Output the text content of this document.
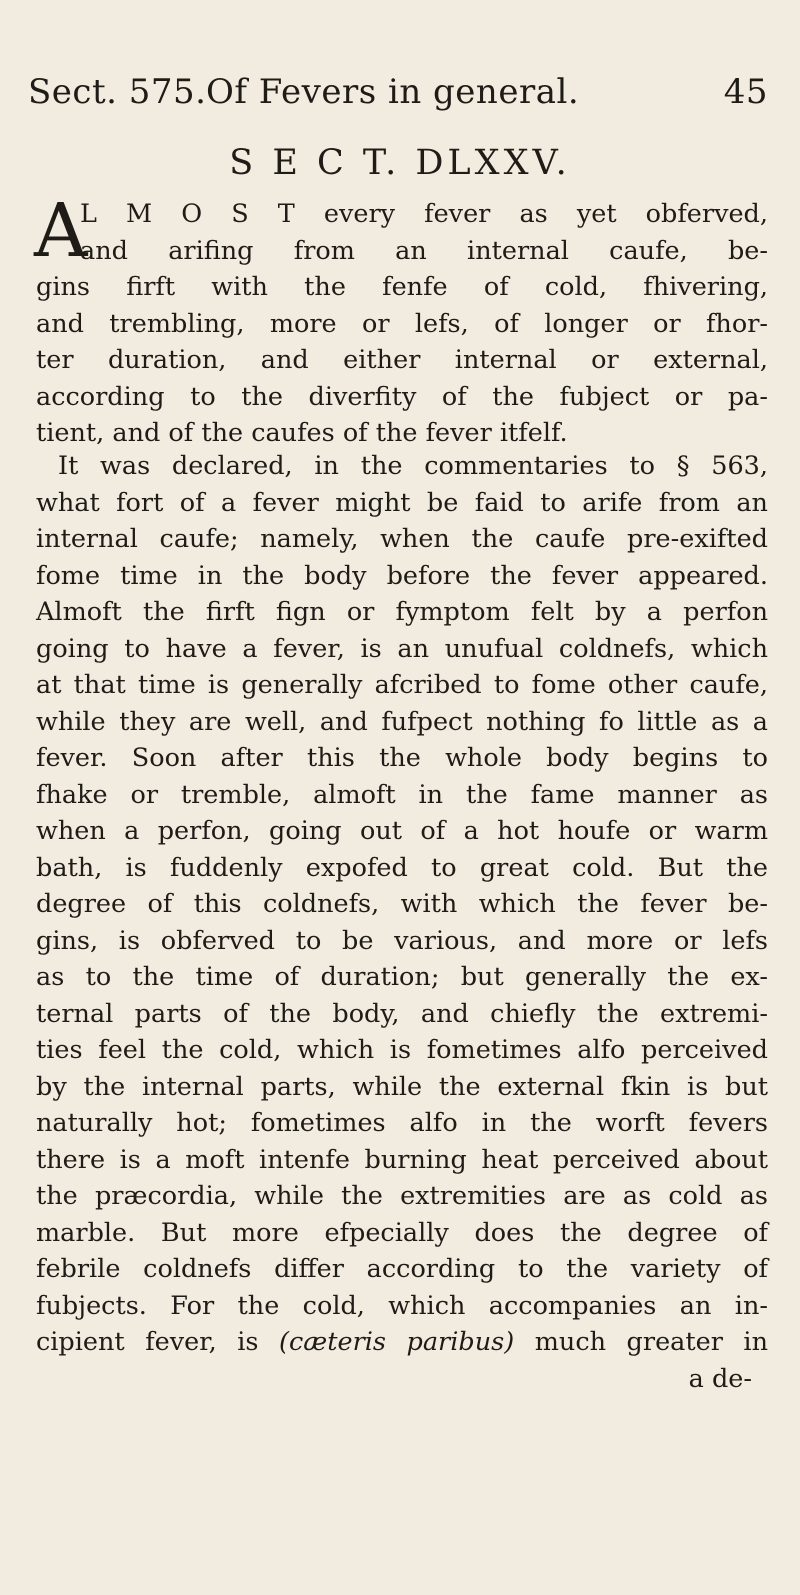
Sect. 575. Of Fevers in general.	45
S E C T. DLXXV.
A
L M O S T every fever as yet obferved,
and arifing from an internal caufe, be-
gins firft with the fenfe of cold, fhivering,
and trembling, more or lefs, of longer or fhor-
ter duration, and either internal or external,
according to the diverfity of the fubject or pa-
tient, and of the caufes of the fever itfelf.
It was declared, in the commentaries to § 563,
what fort of a fever might be faid to arife from an
internal caufe; namely, when the caufe pre-exifted
fome time in the body before the fever appeared.
Almoft the firft fign or fymptom felt by a perfon
going to have a fever, is an unufual coldnefs, which
at that time is generally afcribed to fome other caufe,
while they are well, and fufpect nothing fo little as a
fever. Soon after this the whole body begins to
fhake or tremble, almoft in the fame manner as
when a perfon, going out of a hot houfe or warm
bath, is fuddenly expofed to great cold. But the
degree of this coldnefs, with which the fever be-
gins, is obferved to be various, and more or lefs
as to the time of duration; but generally the ex-
ternal parts of the body, and chiefly the extremi-
ties feel the cold, which is fometimes alfo perceived
by the internal parts, while the external fkin is but
naturally hot; fometimes alfo in the worft fevers
there is a moft intenfe burning heat perceived about
the præcordia, while the extremities are as cold as
marble. But more efpecially does the degree of
febrile coldnefs differ according to the variety of
fubjects. For the cold, which accompanies an in-
cipient fever, is (cæteris paribus) much greater in
a de-
